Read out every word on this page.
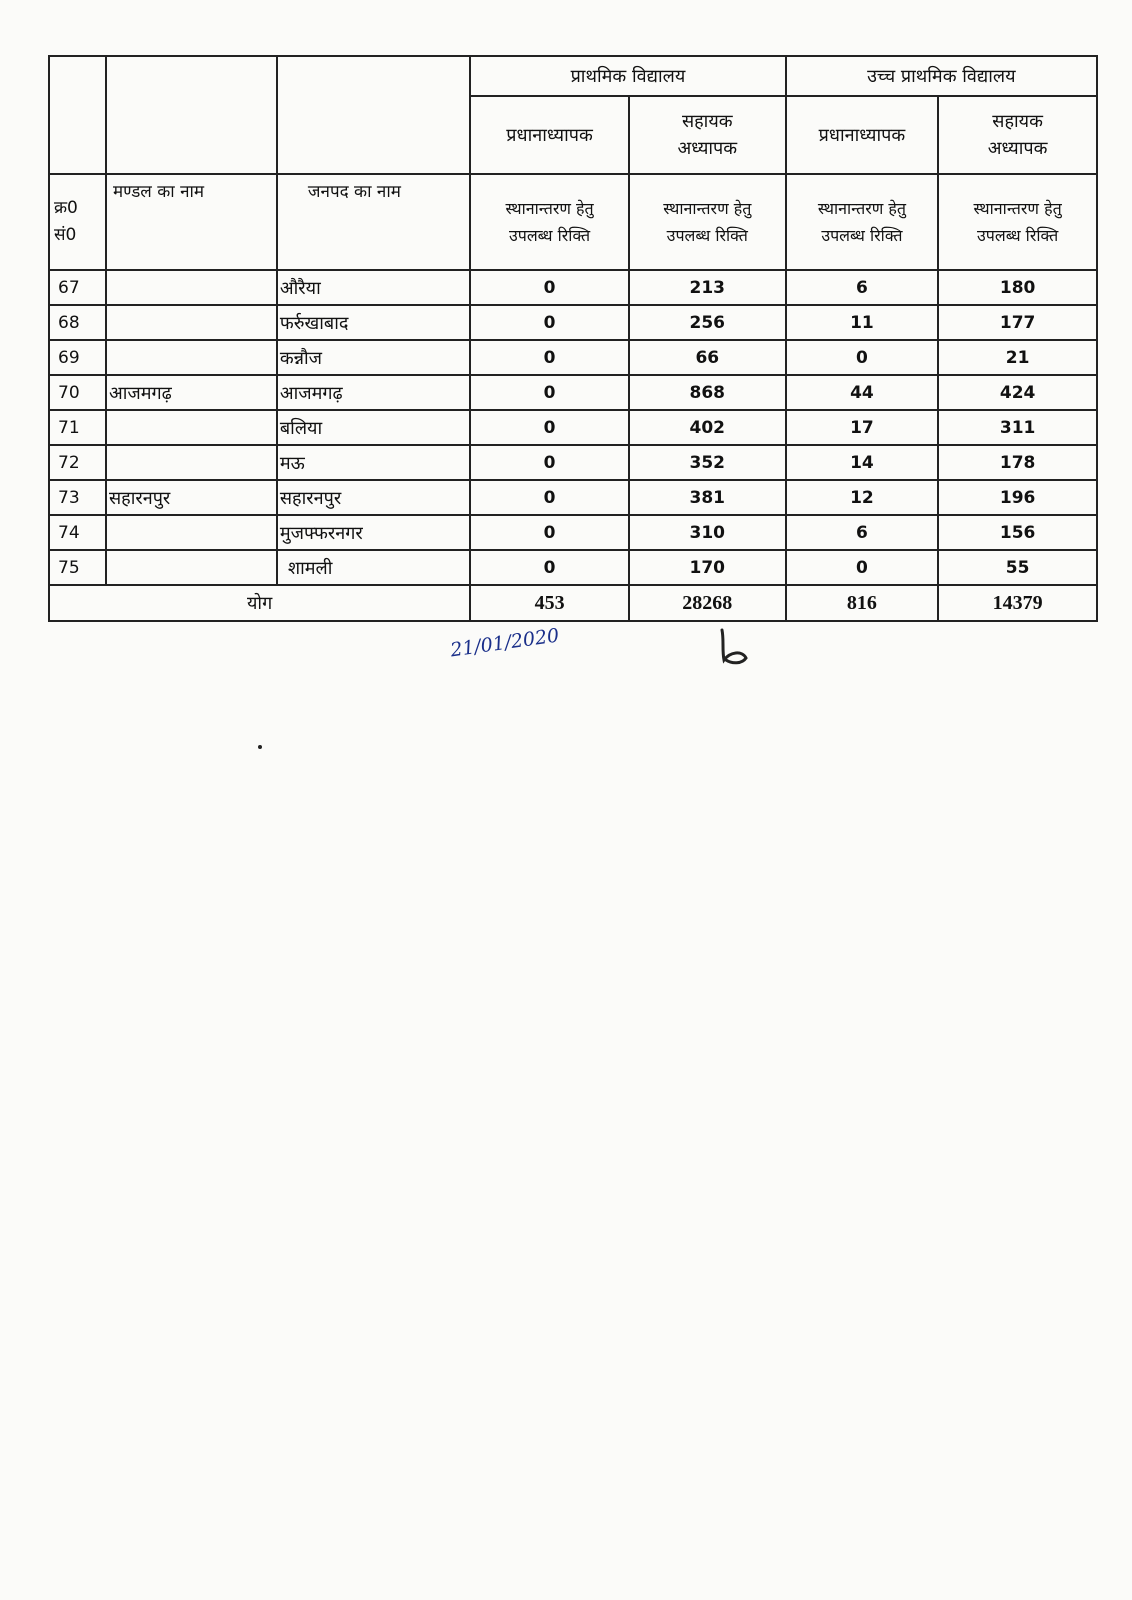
			प्राथमिक विद्यालय		उच्च प्राथमिक विद्यालय	
			प्रधानाध्यापक	सहायक अध्यापक	प्रधानाध्यापक	सहायक अध्यापक
क्र0 सं0	मण्डल का नाम	जनपद का नाम	स्थानान्तरण हेतु उपलब्ध रिक्ति	स्थानान्तरण हेतु उपलब्ध रिक्ति	स्थानान्तरण हेतु उपलब्ध रिक्ति	स्थानान्तरण हेतु उपलब्ध रिक्ति
67		औरैया	0	213	6	180
68		फर्रुखाबाद	0	256	11	177
69		कन्नौज	0	66	0	21
70	आजमगढ़	आजमगढ़	0	868	44	424
71		बलिया	0	402	17	311
72		मऊ	0	352	14	178
73	सहारनपुर	सहारनपुर	0	381	12	196
74		मुजफ्फरनगर	0	310	6	156
75		शामली	0	170	0	55
योग			453	28268	816	14379
21/01/2020
